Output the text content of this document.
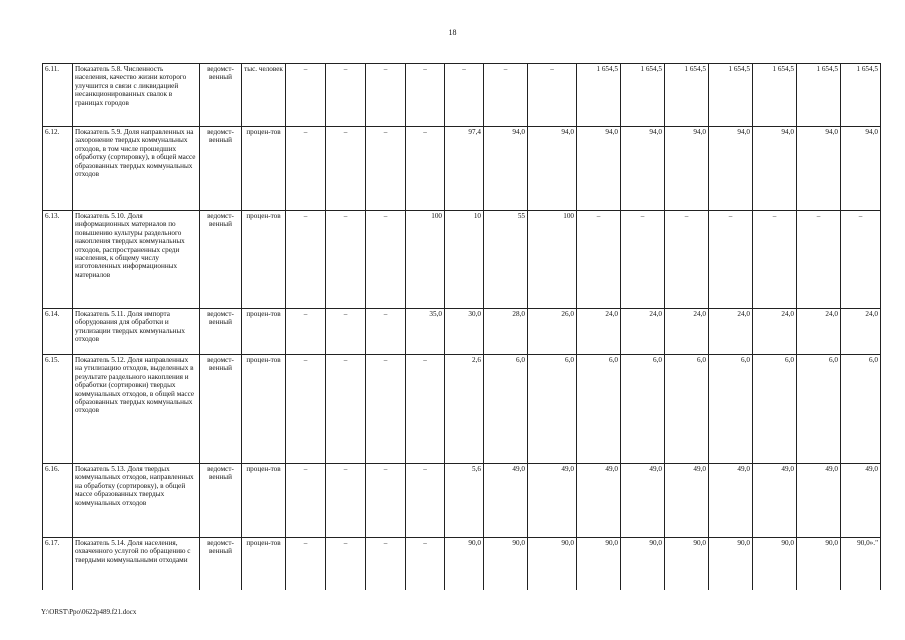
18
6.11.	Показатель 5.8. Численность населения, качество жизни которого улучшится в связи с ликвидацией несанкционированных свалок в границах городов	ведомст-венный	тыс. человек	–	–	–	–	–	–	–	1 654,5	1 654,5	1 654,5	1 654,5	1 654,5	1 654,5	1 654,5
6.12.	Показатель 5.9. Доля направленных на захоронение твердых коммунальных отходов, в том числе прошедших обработку (сортировку), в общей массе образованных твердых коммунальных отходов	ведомст-венный	процен-тов	–	–	–	–	97,4	94,0	94,0	94,0	94,0	94,0	94,0	94,0	94,0	94,0
6.13.	Показатель 5.10. Доля информационных материалов по повышению культуры раздельного накопления твердых коммунальных отходов, распространенных среди населения, к общему числу изготовленных информационных материалов	ведомст-венный	процен-тов	–	–	–	100	10	55	100	–	–	–	–	–	–	–
6.14.	Показатель 5.11. Доля импорта оборудования для обработки и утилизации твердых коммунальных отходов	ведомст-венный	процен-тов	–	–	–	35,0	30,0	28,0	26,0	24,0	24,0	24,0	24,0	24,0	24,0	24,0
6.15.	Показатель 5.12. Доля направленных на утилизацию отходов, выделенных в результате раздельного накопления и обработки (сортировки) твердых коммунальных отходов, в общей массе образованных твердых коммунальных отходов	ведомст-венный	процен-тов	–	–	–	–	2,6	6,0	6,0	6,0	6,0	6,0	6,0	6,0	6,0	6,0
6.16.	Показатель 5.13. Доля твердых коммунальных отходов, направленных на обработку (сортировку), в общей массе образованных твердых коммунальных отходов	ведомст-венный	процен-тов	–	–	–	–	5,6	49,0	49,0	49,0	49,0	49,0	49,0	49,0	49,0	49,0
6.17.	Показатель 5.14. Доля населения, охваченного услугой по обращению с твердыми коммунальными отходами	ведомст-венный	процен-тов	–	–	–	–	90,0	90,0	90,0	90,0	90,0	90,0	90,0	90,0	90,0	90,0»."
Y:\ORST\Ppo\0622p489.f21.docx
